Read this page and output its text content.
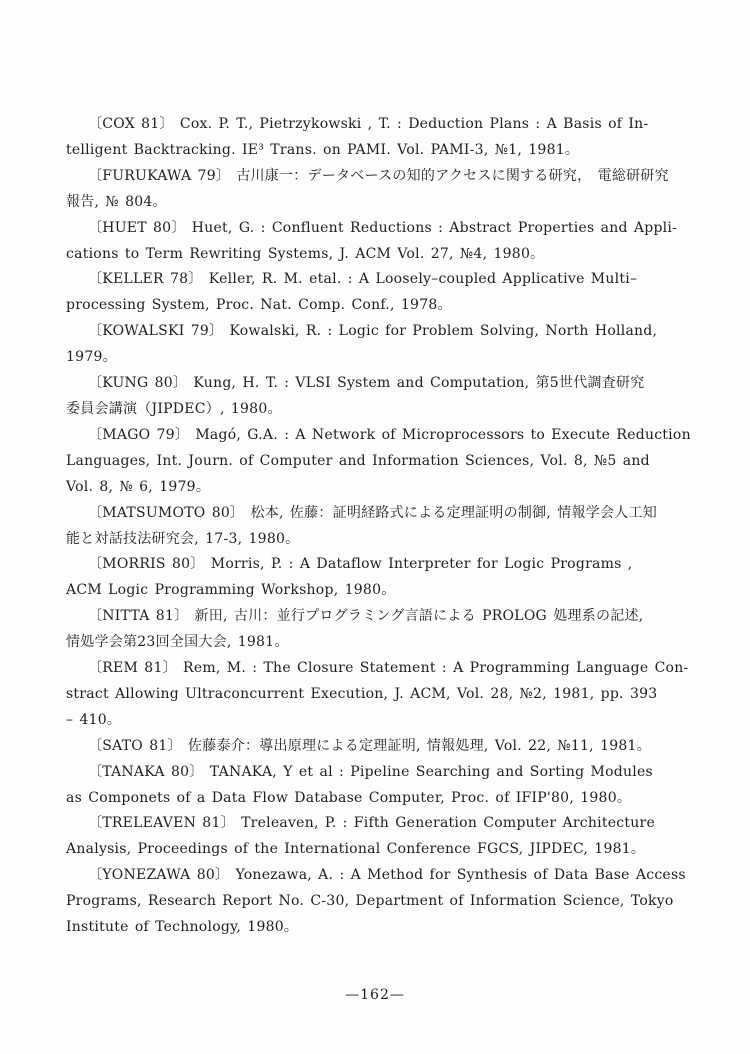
〔COX 81〕 Cox. P. T., Pietrzykowski , T. : Deduction Plans : A Basis of In-
telligent Backtracking. IE³ Trans. on PAMI. Vol. PAMI-3, №1, 1981。
〔FURUKAWA 79〕 古川康一：データベースの知的アクセスに関する研究， 電総研研究
報告, № 804。
〔HUET 80〕 Huet, G. : Confluent Reductions : Abstract Properties and Appli-
cations to Term Rewriting Systems, J. ACM Vol. 27, №4, 1980。
〔KELLER 78〕 Keller, R. M. etal. : A Loosely–coupled Applicative Multi–
processing System, Proc. Nat. Comp. Conf., 1978。
〔KOWALSKI 79〕 Kowalski, R. : Logic for Problem Solving, North Holland,
1979。
〔KUNG 80〕 Kung, H. T. : VLSI System and Computation, 第5世代調査研究
委員会講演（JIPDEC）, 1980。
〔MAGO 79〕 Magó, G.A. : A Network of Microprocessors to Execute Reduction
Languages, Int. Journ. of Computer and Information Sciences, Vol. 8, №5 and
Vol. 8, № 6, 1979。
〔MATSUMOTO 80〕 松本, 佐藤：証明経路式による定理証明の制御, 情報学会人工知
能と対話技法研究会, 17-3, 1980。
〔MORRIS 80〕 Morris, P. : A Dataflow Interpreter for Logic Programs ,
ACM Logic Programming Workshop, 1980。
〔NITTA 81〕 新田, 古川：並行プログラミング言語による PROLOG 処理系の記述,
情処学会第23回全国大会, 1981。
〔REM 81〕 Rem, M. : The Closure Statement : A Programming Language Con-
stract Allowing Ultraconcurrent Execution, J. ACM, Vol. 28, №2, 1981, pp. 393
– 410。
〔SATO 81〕 佐藤泰介：導出原理による定理証明, 情報処理, Vol. 22, №11, 1981。
〔TANAKA 80〕 TANAKA, Y et al : Pipeline Searching and Sorting Modules
as Componets of a Data Flow Database Computer, Proc. of IFIP'80, 1980。
〔TRELEAVEN 81〕 Treleaven, P. : Fifth Generation Computer Architecture
Analysis, Proceedings of the International Conference FGCS, JIPDEC, 1981。
〔YONEZAWA 80〕 Yonezawa, A. : A Method for Synthesis of Data Base Access
Programs, Research Report No. C-30, Department of Information Science, Tokyo
Institute of Technology, 1980。
—162—
